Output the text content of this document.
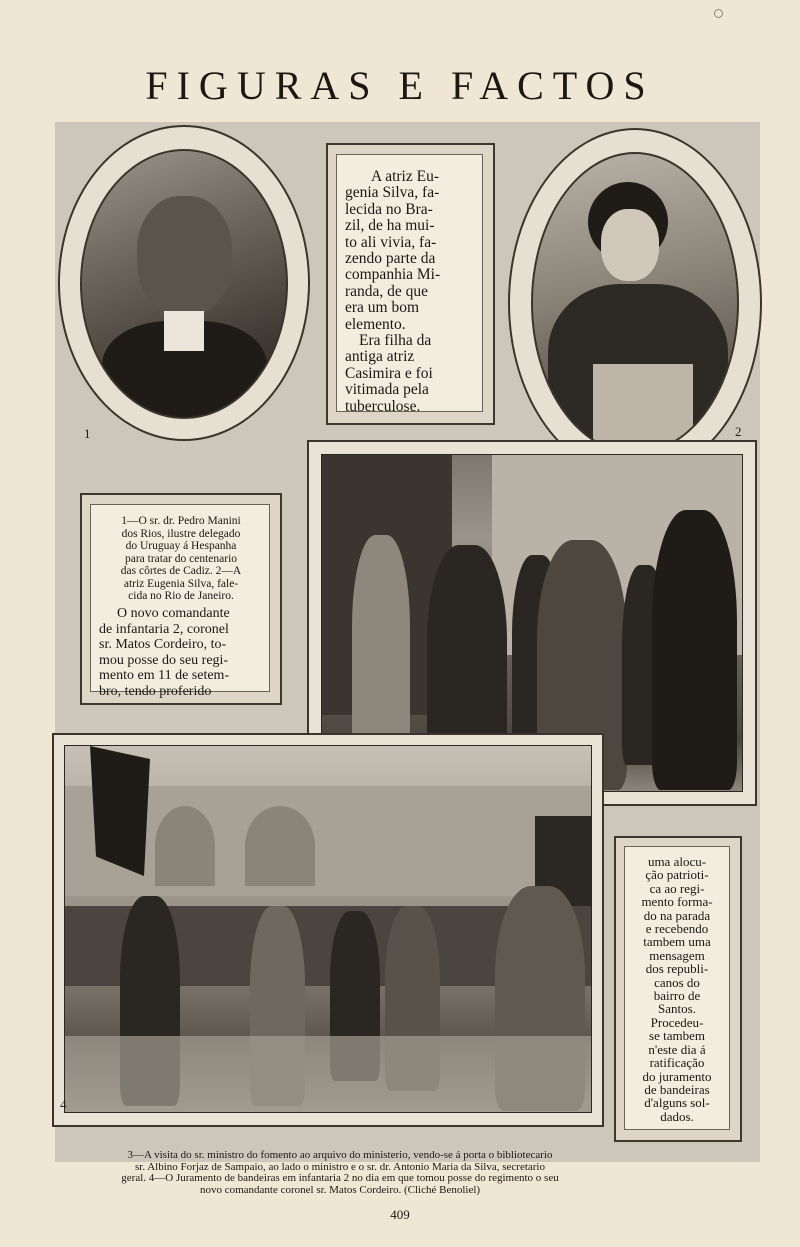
FIGURAS E FACTOS
1
A atriz Eu-
genia Silva, fa-
lecida no Bra-
zil, de ha mui-
to ali vivia, fa-
zendo parte da
companhia Mi-
randa, de que
era um bom
elemento.
Era filha da
antiga atriz
Casimira e foi
vitimada pela
tuberculose.
2
1—O sr. dr. Pedro Manini
dos Rios, ilustre delegado
do Uruguay á Hespanha
para tratar do centenario
das côrtes de Cadiz. 2—A
atriz Eugenia Silva, fale-
cida no Rio de Janeiro.
O novo comandante
de infantaria 2, coronel
sr. Matos Cordeiro, to-
mou posse do seu regi-
mento em 11 de setem-
bro, tendo proferido
4
uma alocu-
ção patrioti-
ca ao regi-
mento forma-
do na parada
e recebendo
tambem uma
mensagem
dos republi-
canos do
bairro de
Santos.
Procedeu-
se tambem
n'este dia á
ratificação
do juramento
de bandeiras
d'alguns sol-
dados.
3—A visita do sr. ministro do fomento ao arquivo do ministerio, vendo-se á porta o bibliotecario
sr. Albino Forjaz de Sampaio, ao lado o ministro e o sr. dr. Antonio Maria da Silva, secretario
geral. 4—O Juramento de bandeiras em infantaria 2 no dia em que tomou posse do regimento o seu
novo comandante coronel sr. Matos Cordeiro. (Cliché Benoliel)
409
